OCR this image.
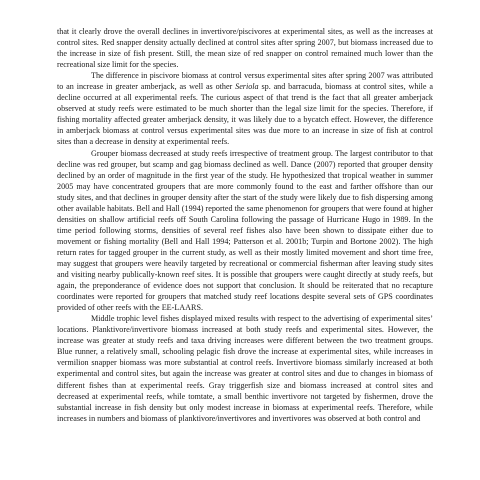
that it clearly drove the overall declines in invertivore/piscivores at experimental sites, as well as the increases at control sites. Red snapper density actually declined at control sites after spring 2007, but biomass increased due to the increase in size of fish present. Still, the mean size of red snapper on control remained much lower than the recreational size limit for the species.

The difference in piscivore biomass at control versus experimental sites after spring 2007 was attributed to an increase in greater amberjack, as well as other Seriola sp. and barracuda, biomass at control sites, while a decline occurred at all experimental reefs. The curious aspect of that trend is the fact that all greater amberjack observed at study reefs were estimated to be much shorter than the legal size limit for the species. Therefore, if fishing mortality affected greater amberjack density, it was likely due to a bycatch effect. However, the difference in amberjack biomass at control versus experimental sites was due more to an increase in size of fish at control sites than a decrease in density at experimental reefs.

Grouper biomass decreased at study reefs irrespective of treatment group. The largest contributor to that decline was red grouper, but scamp and gag biomass declined as well. Dance (2007) reported that grouper density declined by an order of magnitude in the first year of the study. He hypothesized that tropical weather in summer 2005 may have concentrated groupers that are more commonly found to the east and farther offshore than our study sites, and that declines in grouper density after the start of the study were likely due to fish dispersing among other available habitats. Bell and Hall (1994) reported the same phenomenon for groupers that were found at higher densities on shallow artificial reefs off South Carolina following the passage of Hurricane Hugo in 1989. In the time period following storms, densities of several reef fishes also have been shown to dissipate either due to movement or fishing mortality (Bell and Hall 1994; Patterson et al. 2001b; Turpin and Bortone 2002). The high return rates for tagged grouper in the current study, as well as their mostly limited movement and short time free, may suggest that groupers were heavily targeted by recreational or commercial fisherman after leaving study sites and visiting nearby publically-known reef sites. It is possible that groupers were caught directly at study reefs, but again, the preponderance of evidence does not support that conclusion. It should be reiterated that no recapture coordinates were reported for groupers that matched study reef locations despite several sets of GPS coordinates provided of other reefs with the EE-LAARS.

Middle trophic level fishes displayed mixed results with respect to the advertising of experimental sites’ locations. Planktivore/invertivore biomass increased at both study reefs and experimental sites. However, the increase was greater at study reefs and taxa driving increases were different between the two treatment groups. Blue runner, a relatively small, schooling pelagic fish drove the increase at experimental sites, while increases in vermilion snapper biomass was more substantial at control reefs. Invertivore biomass similarly increased at both experimental and control sites, but again the increase was greater at control sites and due to changes in biomass of different fishes than at experimental reefs. Gray triggerfish size and biomass increased at control sites and decreased at experimental reefs, while tomtate, a small benthic invertivore not targeted by fishermen, drove the substantial increase in fish density but only modest increase in biomass at experimental reefs. Therefore, while increases in numbers and biomass of planktivore/invertivores and invertivores was observed at both control and
